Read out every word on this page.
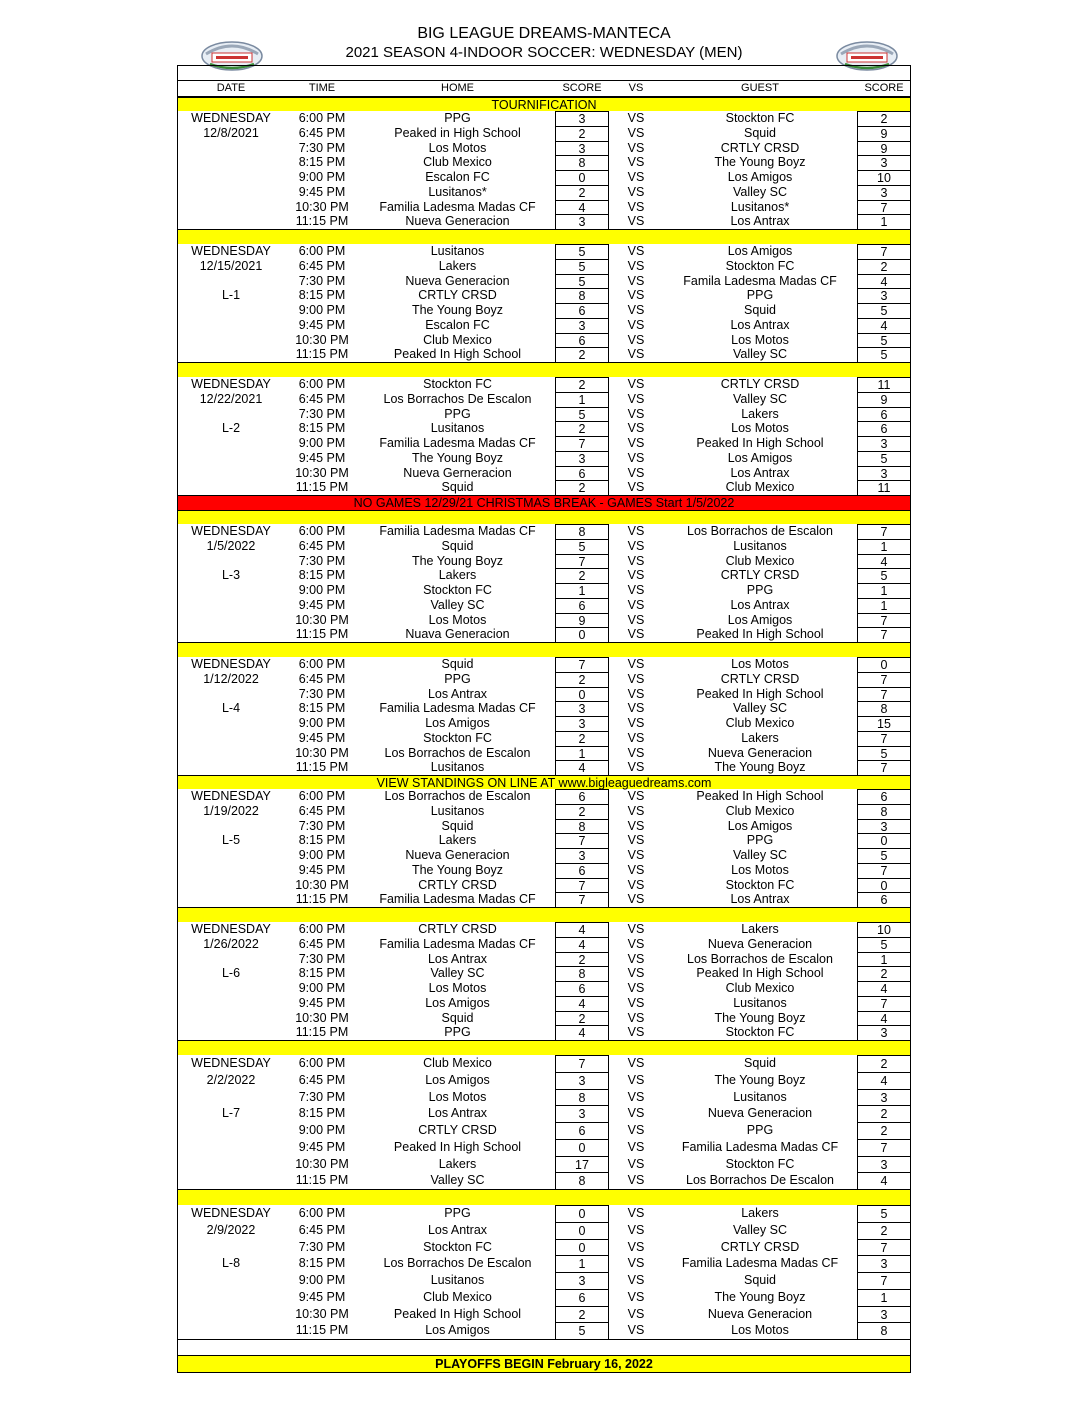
BIG LEAGUE DREAMS-MANTECA
2021 SEASON 4-INDOOR SOCCER: WEDNESDAY (MEN)
DATE	TIME	HOME	SCORE	VS	GUEST	SCORE
TOURNIFICATION
WEDNESDAY	6:00 PM	PPG	3	VS	Stockton FC	2
12/8/2021	6:45 PM	Peaked in High School	2	VS	Squid	9
7:30 PM	Los Motos	3	VS	CRTLY CRSD	9
8:15 PM	Club Mexico	8	VS	The Young Boyz	3
9:00 PM	Escalon FC	0	VS	Los Amigos	10
9:45 PM	Lusitanos*	2	VS	Valley SC	3
10:30 PM	Familia Ladesma Madas CF	4	VS	Lusitanos*	7
11:15 PM	Nueva Generacion	3	VS	Los Antrax	1
WEDNESDAY	6:00 PM	Lusitanos	5	VS	Los Amigos	7
12/15/2021	6:45 PM	Lakers	5	VS	Stockton FC	2
7:30 PM	Nueva Generacion	5	VS	Famila Ladesma Madas CF	4
L-1	8:15 PM	CRTLY CRSD	8	VS	PPG	3
9:00 PM	The Young Boyz	6	VS	Squid	5
9:45 PM	Escalon FC	3	VS	Los Antrax	4
10:30 PM	Club Mexico	6	VS	Los Motos	5
11:15 PM	Peaked In High School	2	VS	Valley SC	5
WEDNESDAY	6:00 PM	Stockton FC	2	VS	CRTLY CRSD	11
12/22/2021	6:45 PM	Los Borrachos De Escalon	1	VS	Valley SC	9
7:30 PM	PPG	5	VS	Lakers	6
L-2	8:15 PM	Lusitanos	2	VS	Los Motos	6
9:00 PM	Familia Ladesma Madas CF	7	VS	Peaked In High School	3
9:45 PM	The Young Boyz	3	VS	Los Amigos	5
10:30 PM	Nueva Gerneracion	6	VS	Los Antrax	3
11:15 PM	Squid	2	VS	Club Mexico	11
NO GAMES 12/29/21 CHRISTMAS BREAK - GAMES Start 1/5/2022
WEDNESDAY	6:00 PM	Familia Ladesma Madas CF	8	VS	Los Borrachos de Escalon	7
1/5/2022	6:45 PM	Squid	5	VS	Lusitanos	1
7:30 PM	The Young Boyz	7	VS	Club Mexico	4
L-3	8:15 PM	Lakers	2	VS	CRTLY CRSD	5
9:00 PM	Stockton FC	1	VS	PPG	1
9:45 PM	Valley SC	6	VS	Los Antrax	1
10:30 PM	Los Motos	9	VS	Los Amigos	7
11:15 PM	Nuava Generacion	0	VS	Peaked In High School	7
WEDNESDAY	6:00 PM	Squid	7	VS	Los Motos	0
1/12/2022	6:45 PM	PPG	2	VS	CRTLY CRSD	7
7:30 PM	Los Antrax	0	VS	Peaked In High School	7
L-4	8:15 PM	Familia Ladesma Madas CF	3	VS	Valley SC	8
9:00 PM	Los Amigos	3	VS	Club Mexico	15
9:45 PM	Stockton FC	2	VS	Lakers	7
10:30 PM	Los Borrachos de Escalon	1	VS	Nueva Generacion	5
11:15 PM	Lusitanos	4	VS	The Young Boyz	7
VIEW STANDINGS ON LINE AT www.bigleaguedreams.com
WEDNESDAY	6:00 PM	Los Borrachos de Escalon	6	VS	Peaked In High School	6
1/19/2022	6:45 PM	Lusitanos	2	VS	Club Mexico	8
7:30 PM	Squid	8	VS	Los Amigos	3
L-5	8:15 PM	Lakers	7	VS	PPG	0
9:00 PM	Nueva Generacion	3	VS	Valley SC	5
9:45 PM	The Young Boyz	6	VS	Los Motos	7
10:30 PM	CRTLY CRSD	7	VS	Stockton FC	0
11:15 PM	Familia Ladesma Madas CF	7	VS	Los Antrax	6
WEDNESDAY	6:00 PM	CRTLY CRSD	4	VS	Lakers	10
1/26/2022	6:45 PM	Familia Ladesma Madas CF	4	VS	Nueva Generacion	5
7:30 PM	Los Antrax	2	VS	Los Borrachos de Escalon	1
L-6	8:15 PM	Valley SC	8	VS	Peaked In High School	2
9:00 PM	Los Motos	6	VS	Club Mexico	4
9:45 PM	Los Amigos	4	VS	Lusitanos	7
10:30 PM	Squid	2	VS	The Young Boyz	4
11:15 PM	PPG	4	VS	Stockton FC	3
WEDNESDAY	6:00 PM	Club Mexico	7	VS	Squid	2
2/2/2022	6:45 PM	Los Amigos	3	VS	The Young Boyz	4
7:30 PM	Los Motos	8	VS	Lusitanos	3
L-7	8:15 PM	Los Antrax	3	VS	Nueva Generacion	2
9:00 PM	CRTLY CRSD	6	VS	PPG	2
9:45 PM	Peaked In High School	0	VS	Familia Ladesma Madas CF	7
10:30 PM	Lakers	17	VS	Stockton FC	3
11:15 PM	Valley SC	8	VS	Los Borrachos De Escalon	4
WEDNESDAY	6:00 PM	PPG	0	VS	Lakers	5
2/9/2022	6:45 PM	Los Antrax	0	VS	Valley SC	2
7:30 PM	Stockton FC	0	VS	CRTLY CRSD	7
L-8	8:15 PM	Los Borrachos De Escalon	1	VS	Familia Ladesma Madas CF	3
9:00 PM	Lusitanos	3	VS	Squid	7
9:45 PM	Club Mexico	6	VS	The Young Boyz	1
10:30 PM	Peaked In High School	2	VS	Nueva Generacion	3
11:15 PM	Los Amigos	5	VS	Los Motos	8
PLAYOFFS BEGIN February 16, 2022
